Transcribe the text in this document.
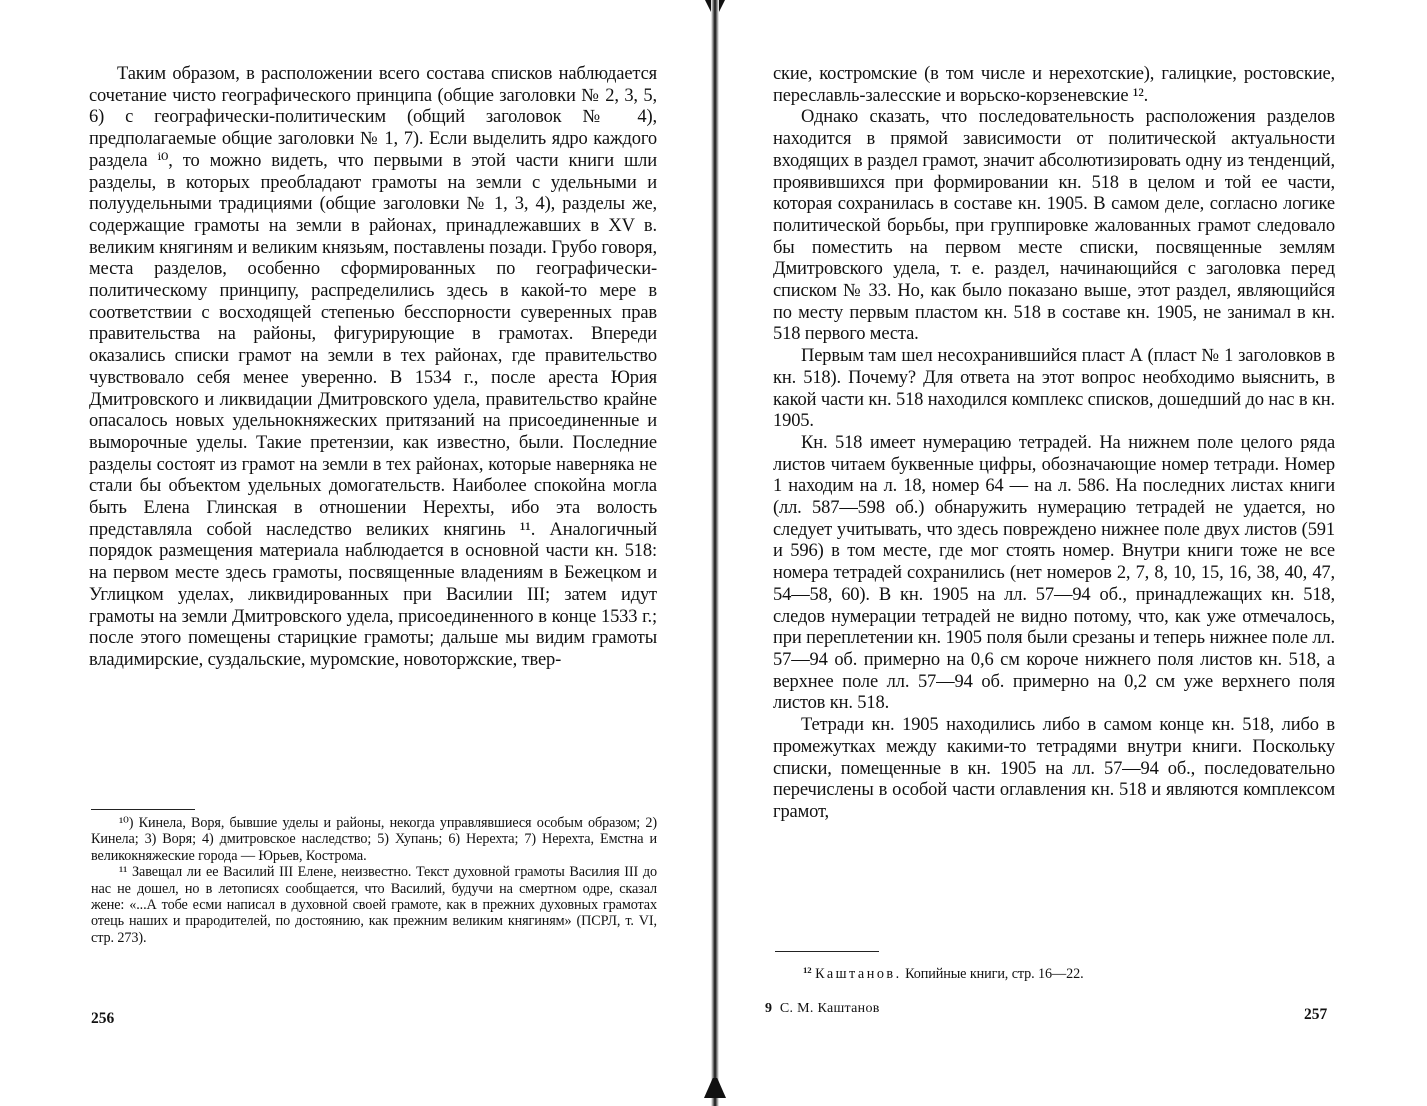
Таким образом, в расположении всего состава списков наблюдается сочетание чисто географического принципа (общие заголовки № 2, 3, 5, 6) с географически-политическим (общий заголовок № 4), предполагаемые общие заголовки № 1, 7). Если выделить ядро каждого раздела ⁱ⁰, то можно видеть, что первыми в этой части книги шли разделы, в которых преобладают грамоты на земли с удельными и полуудельными традициями (общие заголовки № 1, 3, 4), разделы же, содержащие грамоты на земли в районах, принадлежавших в XV в. великим княгиням и великим князьям, поставлены позади. Грубо говоря, места разделов, особенно сформированных по географически-политическому принципу, распределились здесь в какой-то мере в соответствии с восходящей степенью бесспорности суверенных прав правительства на районы, фигурирующие в грамотах. Впереди оказались списки грамот на земли в тех районах, где правительство чувствовало себя менее уверенно. В 1534 г., после ареста Юрия Дмитровского и ликвидации Дмитровского удела, правительство крайне опасалось новых удельнокняжеских притязаний на присоединенные и выморочные уделы. Такие претензии, как известно, были. Последние разделы состоят из грамот на земли в тех районах, которые наверняка не стали бы объектом удельных домогательств. Наиболее спокойна могла быть Елена Глинская в отношении Нерехты, ибо эта волость представляла собой наследство великих княгинь ¹¹. Аналогичный порядок размещения материала наблюдается в основной части кн. 518: на первом месте здесь грамоты, посвященные владениям в Бежецком и Углицком уделах, ликвидированных при Василии III; затем идут грамоты на земли Дмитровского удела, присоединенного в конце 1533 г.; после этого помещены старицкие грамоты; дальше мы видим грамоты владимирские, суздальские, муромские, новоторжские, твер-

¹⁰) Кинела, Воря, бывшие уделы и районы, некогда управлявшиеся особым образом; 2) Кинела; 3) Воря; 4) дмитровское наследство; 5) Хупань; 6) Нерехта; 7) Нерехта, Емстна и великокняжеские города — Юрьев, Кострома.

¹¹ Завещал ли ее Василий III Елене, неизвестно. Текст духовной грамоты Василия III до нас не дошел, но в летописях сообщается, что Василий, будучи на смертном одре, сказал жене: «...А тобе есми написал в духовной своей грамоте, как в прежних духовных грамотах отець наших и прародителей, по достоянию, как прежним великим княгиням» (ПСРЛ, т. VI, стр. 273).

256

ские, костромские (в том числе и нерехотские), галицкие, ростовские, переславль-залесские и ворьско-корзеневские ¹².

Однако сказать, что последовательность расположения разделов находится в прямой зависимости от политической актуальности входящих в раздел грамот, значит абсолютизировать одну из тенденций, проявившихся при формировании кн. 518 в целом и той ее части, которая сохранилась в составе кн. 1905. В самом деле, согласно логике политической борьбы, при группировке жалованных грамот следовало бы поместить на первом месте списки, посвященные землям Дмитровского удела, т. е. раздел, начинающийся с заголовка перед списком № 33. Но, как было показано выше, этот раздел, являющийся по месту первым пластом кн. 518 в составе кн. 1905, не занимал в кн. 518 первого места.

Первым там шел несохранившийся пласт А (пласт № 1 заголовков в кн. 518). Почему? Для ответа на этот вопрос необходимо выяснить, в какой части кн. 518 находился комплекс списков, дошедший до нас в кн. 1905.

Кн. 518 имеет нумерацию тетрадей. На нижнем поле целого ряда листов читаем буквенные цифры, обозначающие номер тетради. Номер 1 находим на л. 18, номер 64 — на л. 586. На последних листах книги (лл. 587—598 об.) обнаружить нумерацию тетрадей не удается, но следует учитывать, что здесь повреждено нижнее поле двух листов (591 и 596) в том месте, где мог стоять номер. Внутри книги тоже не все номера тетрадей сохранились (нет номеров 2, 7, 8, 10, 15, 16, 38, 40, 47, 54—58, 60). В кн. 1905 на лл. 57—94 об., принадлежащих кн. 518, следов нумерации тетрадей не видно потому, что, как уже отмечалось, при переплетении кн. 1905 поля были срезаны и теперь нижнее поле лл. 57—94 об. примерно на 0,6 см короче нижнего поля листов кн. 518, а верхнее поле лл. 57—94 об. примерно на 0,2 см уже верхнего поля листов кн. 518.

Тетради кн. 1905 находились либо в самом конце кн. 518, либо в промежутках между какими-то тетрадями внутри книги. Поскольку списки, помещенные в кн. 1905 на лл. 57—94 об., последовательно перечислены в особой части оглавления кн. 518 и являются комплексом грамот,

$^{12}$ Каштанов. Копийные книги, стр. 16—22.

9 С. М. Каштанов	257
